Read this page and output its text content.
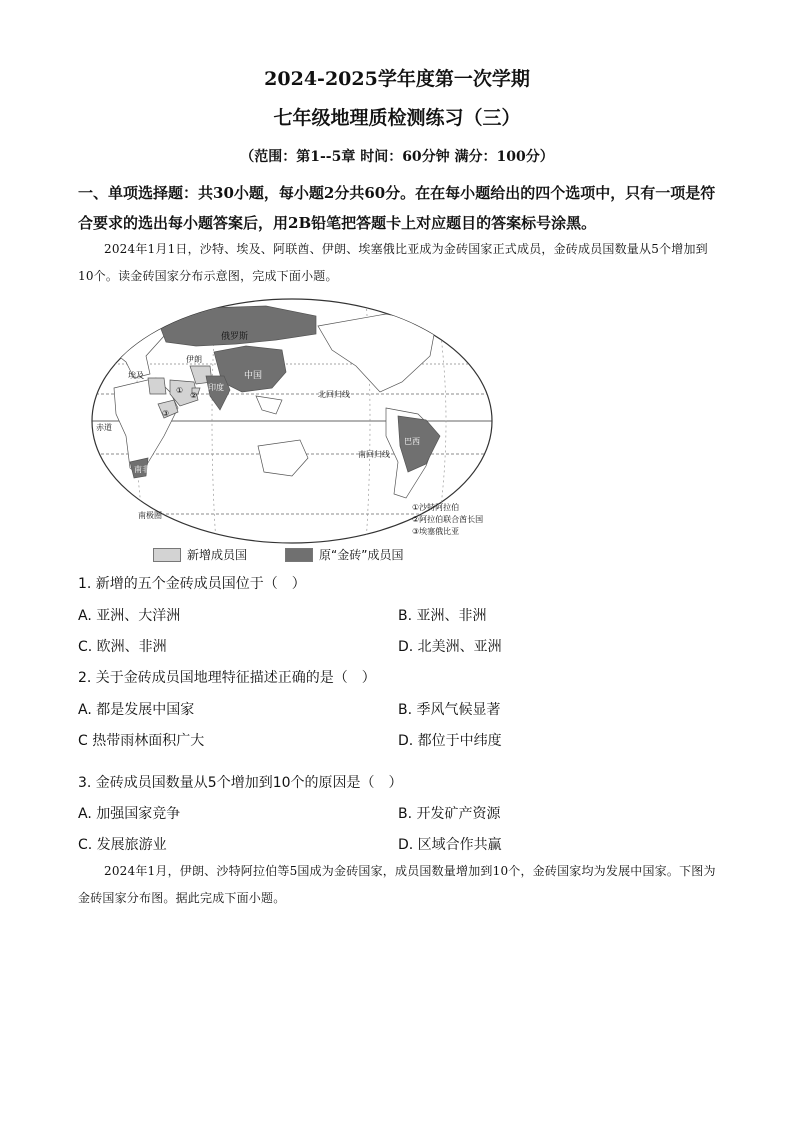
2024-2025学年度第一次学期
七年级地理质检测练习（三）
（范围：第1--5章 时间：60分钟 满分：100分）
一、单项选择题：共30小题，每小题2分共60分。在在每小题给出的四个选项中，只有一项是符合要求的选出每小题答案后，用2B铅笔把答题卡上对应题目的答案标号涂黑。
2024年1月1日，沙特、埃及、阿联酋、伊朗、埃塞俄比亚成为金砖国家正式成员，金砖成员国数量从5个增加到10个。读金砖国家分布示意图，完成下面小题。
俄罗斯
中国
印度
伊朗
埃及
巴西
南非
北回归线
南回归线
赤道
南极圈
①
②
③
①沙特阿拉伯
②阿拉伯联合酋长国
③埃塞俄比亚
新增成员国	原“金砖”成员国
1. 新增的五个金砖成员国位于（　）
A. 亚洲、大洋洲	B. 亚洲、非洲
C. 欧洲、非洲	D. 北美洲、亚洲
2. 关于金砖成员国地理特征描述正确的是（　）
A. 都是发展中国家	B. 季风气候显著
C 热带雨林面积广大	D. 都位于中纬度
3. 金砖成员国数量从5个增加到10个的原因是（　）
A. 加强国家竞争	B. 开发矿产资源
C. 发展旅游业	D. 区域合作共赢
2024年1月，伊朗、沙特阿拉伯等5国成为金砖国家，成员国数量增加到10个，金砖国家均为发展中国家。下图为金砖国家分布图。据此完成下面小题。
